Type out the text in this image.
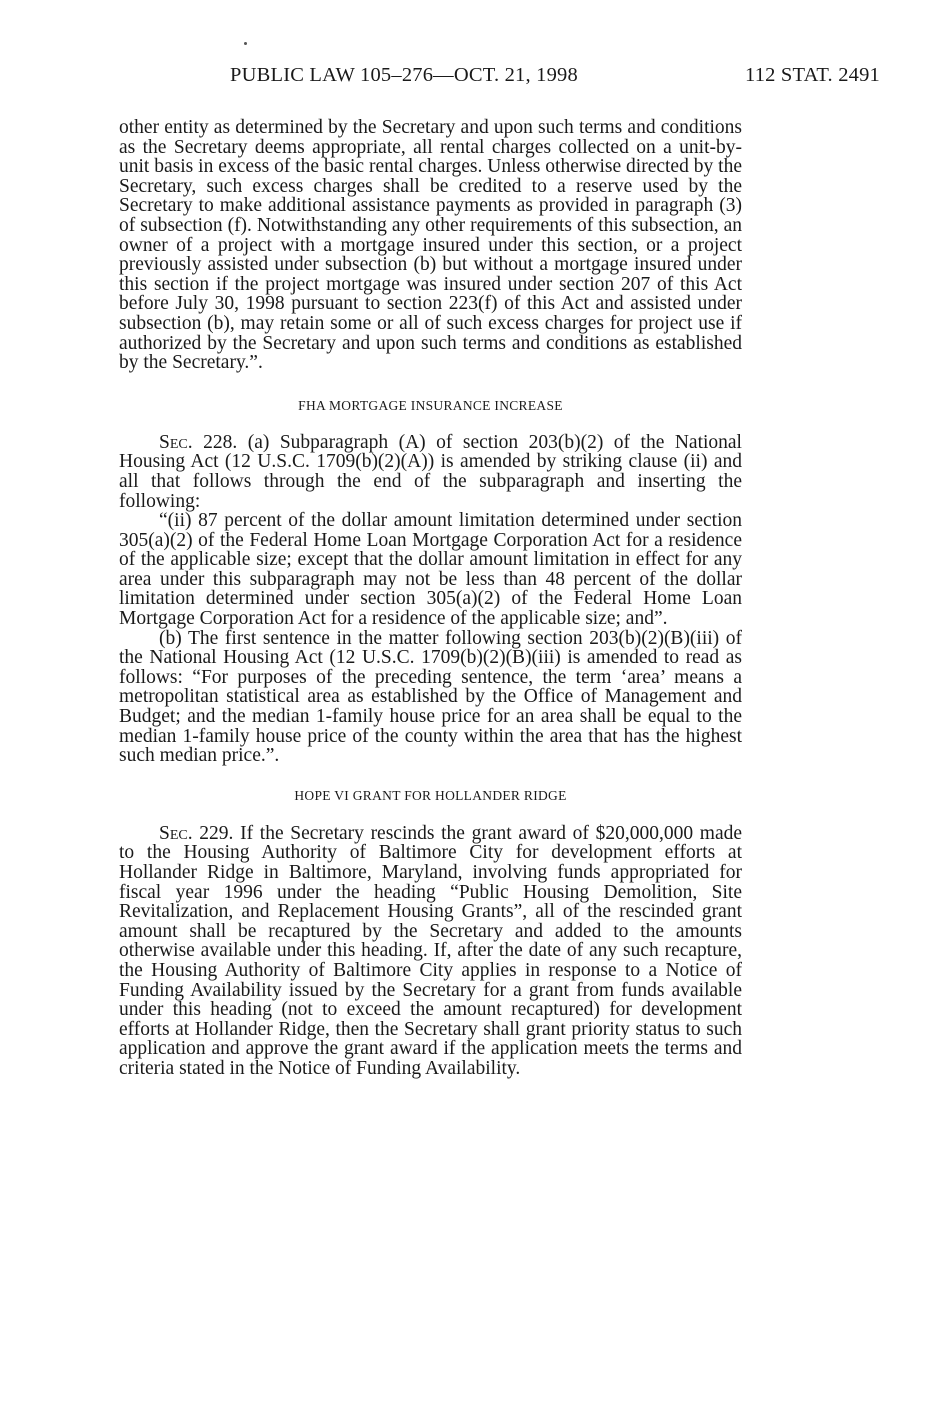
PUBLIC LAW 105–276—OCT. 21, 1998	112 STAT. 2491

other entity as determined by the Secretary and upon such terms and conditions as the Secretary deems appropriate, all rental charges collected on a unit-by-unit basis in excess of the basic rental charges. Unless otherwise directed by the Secretary, such excess charges shall be credited to a reserve used by the Secretary to make additional assistance payments as provided in paragraph (3) of subsection (f). Notwithstanding any other requirements of this subsection, an owner of a project with a mortgage insured under this section, or a project previously assisted under subsection (b) but without a mortgage insured under this section if the project mortgage was insured under section 207 of this Act before July 30, 1998 pursuant to section 223(f) of this Act and assisted under subsection (b), may retain some or all of such excess charges for project use if authorized by the Secretary and upon such terms and conditions as established by the Secretary.”.

FHA MORTGAGE INSURANCE INCREASE

Sec. 228. (a) Subparagraph (A) of section 203(b)(2) of the National Housing Act (12 U.S.C. 1709(b)(2)(A)) is amended by striking clause (ii) and all that follows through the end of the subparagraph and inserting the following:

“(ii) 87 percent of the dollar amount limitation determined under section 305(a)(2) of the Federal Home Loan Mortgage Corporation Act for a residence of the applicable size; except that the dollar amount limitation in effect for any area under this subparagraph may not be less than 48 percent of the dollar limitation determined under section 305(a)(2) of the Federal Home Loan Mortgage Corporation Act for a residence of the applicable size; and”.

(b) The first sentence in the matter following section 203(b)(2)(B)(iii) of the National Housing Act (12 U.S.C. 1709(b)(2)(B)(iii) is amended to read as follows: “For purposes of the preceding sentence, the term ‘area’ means a metropolitan statistical area as established by the Office of Management and Budget; and the median 1-family house price for an area shall be equal to the median 1-family house price of the county within the area that has the highest such median price.”.

HOPE VI GRANT FOR HOLLANDER RIDGE

Sec. 229. If the Secretary rescinds the grant award of $20,000,000 made to the Housing Authority of Baltimore City for development efforts at Hollander Ridge in Baltimore, Maryland, involving funds appropriated for fiscal year 1996 under the heading “Public Housing Demolition, Site Revitalization, and Replacement Housing Grants”, all of the rescinded grant amount shall be recaptured by the Secretary and added to the amounts otherwise available under this heading. If, after the date of any such recapture, the Housing Authority of Baltimore City applies in response to a Notice of Funding Availability issued by the Secretary for a grant from funds available under this heading (not to exceed the amount recaptured) for development efforts at Hollander Ridge, then the Secretary shall grant priority status to such application and approve the grant award if the application meets the terms and criteria stated in the Notice of Funding Availability.
